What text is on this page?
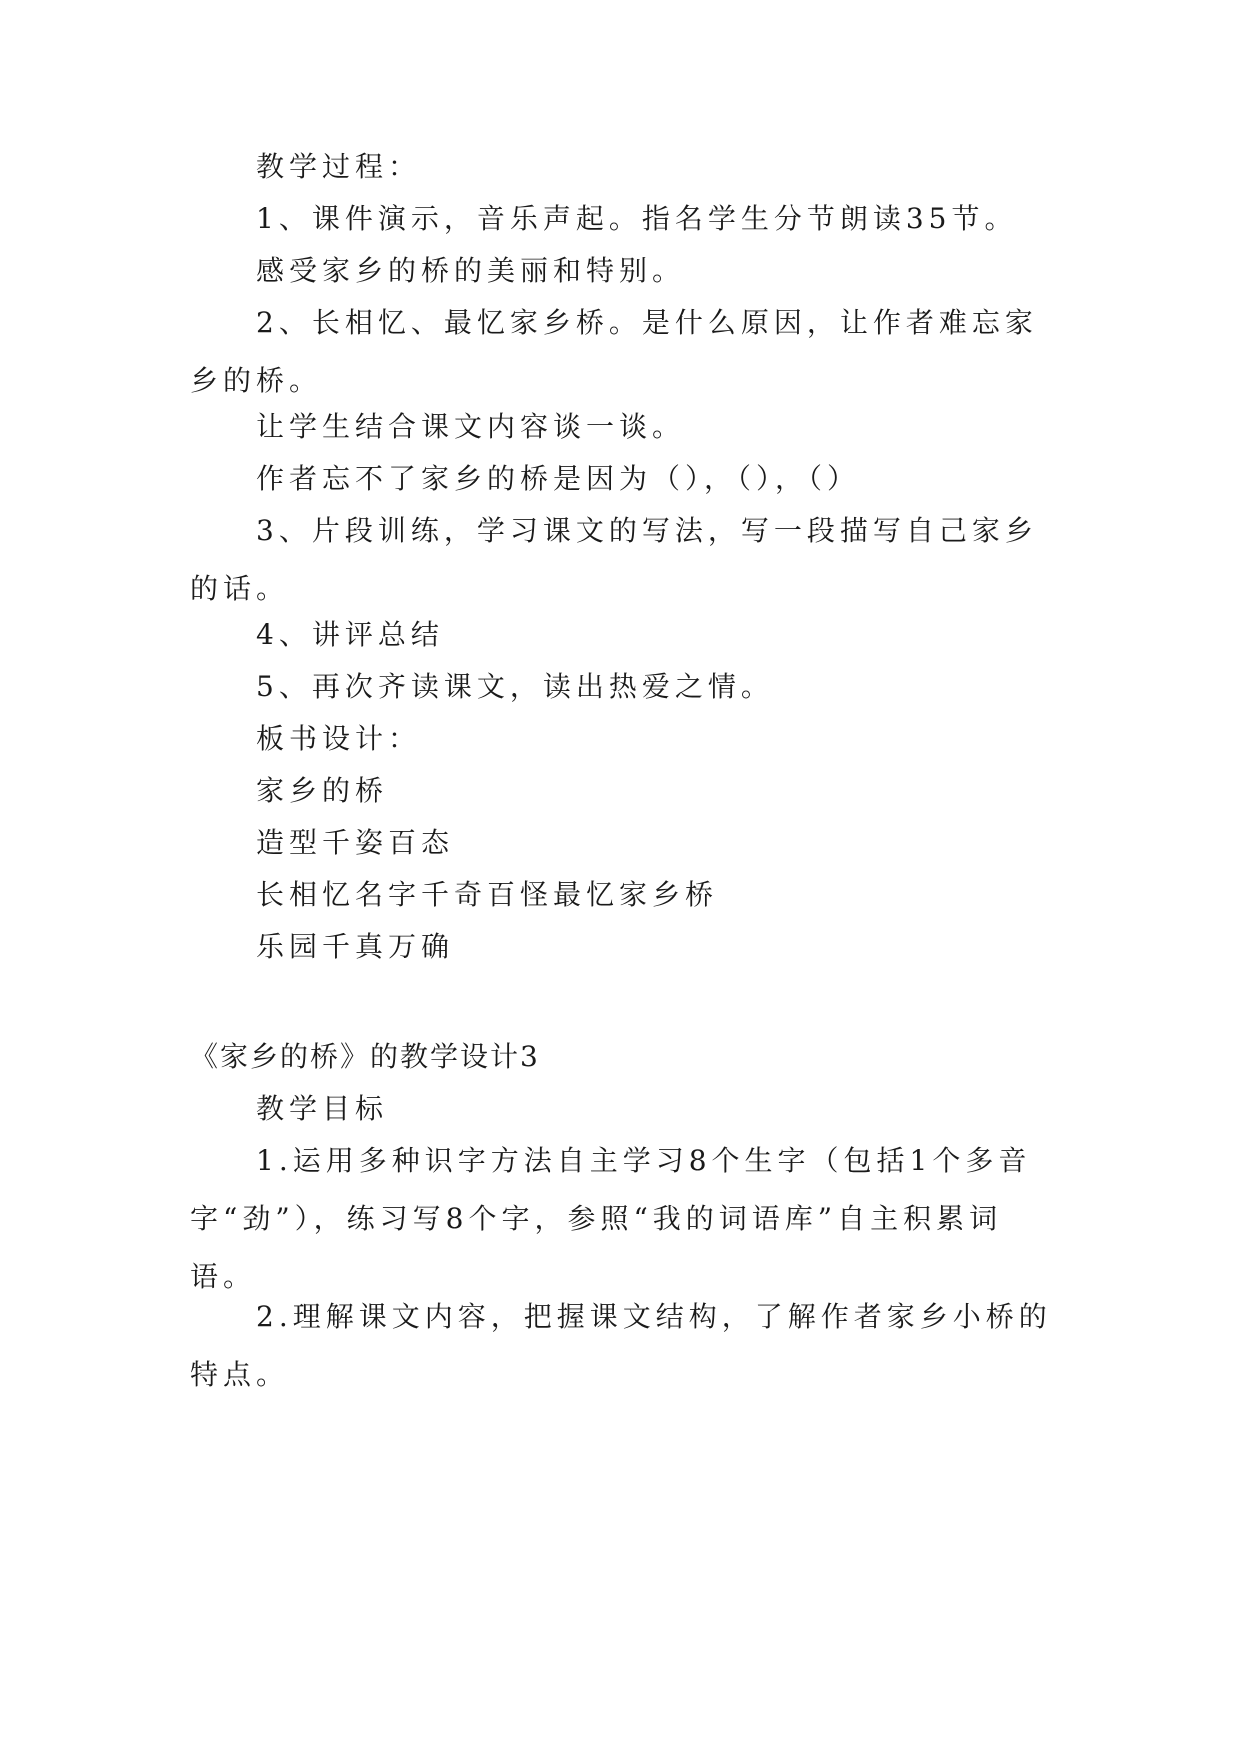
教学过程：
1、课件演示，音乐声起。指名学生分节朗读35节。
感受家乡的桥的美丽和特别。
2、长相忆、最忆家乡桥。是什么原因，让作者难忘家乡的桥。
让学生结合课文内容谈一谈。
作者忘不了家乡的桥是因为（），（），（）
3、片段训练，学习课文的写法，写一段描写自己家乡的话。
4、讲评总结
5、再次齐读课文，读出热爱之情。
板书设计：
家乡的桥
造型千姿百态
长相忆名字千奇百怪最忆家乡桥
乐园千真万确
《家乡的桥》的教学设计3
教学目标
1.运用多种识字方法自主学习8个生字（包括1个多音字“劲”），练习写8个字，参照“我的词语库”自主积累词语。
2.理解课文内容，把握课文结构，了解作者家乡小桥的特点。
